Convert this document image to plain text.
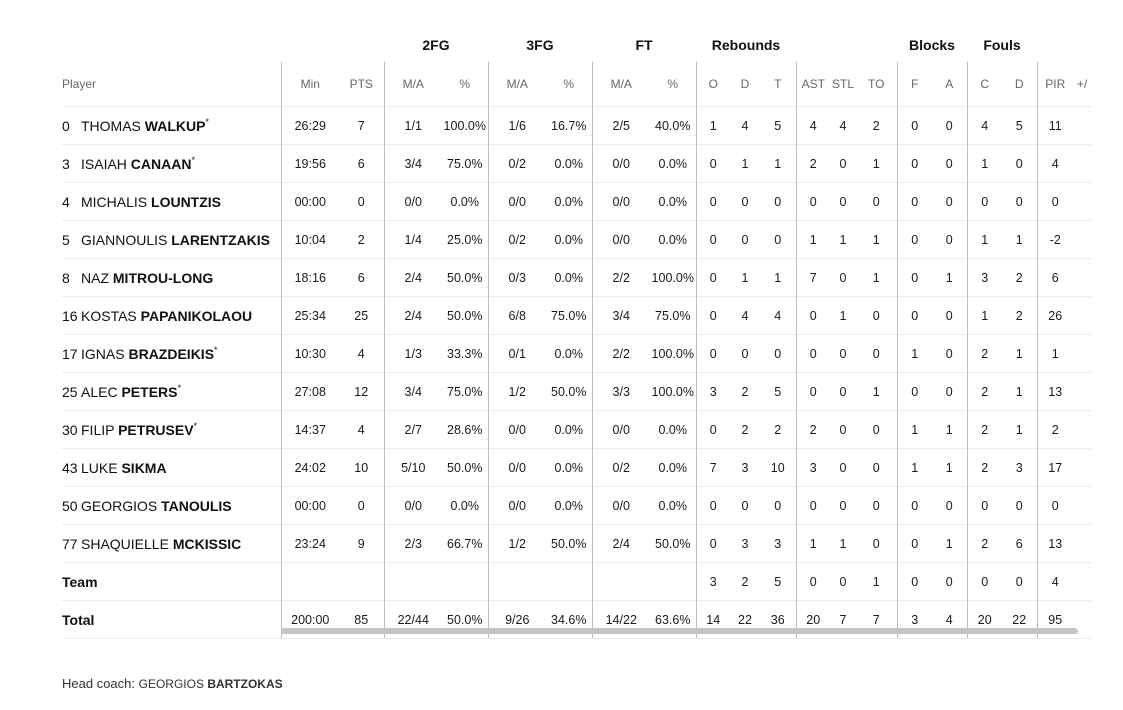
			2FG		3FG		FT		Rebounds						Blocks		Fouls			
Player	Min	PTS	M/A	%	M/A	%	M/A	%	O	D	T	AST	STL	TO	F	A	C	D	PIR	+/
0 THOMAS WALKUP*	26:29	7	1/1	100.0%	1/6	16.7%	2/5	40.0%	1	4	5	4	4	2	0	0	4	5	11	
3 ISAIAH CANAAN*	19:56	6	3/4	75.0%	0/2	0.0%	0/0	0.0%	0	1	1	2	0	1	0	0	1	0	4	
4 MICHALIS LOUNTZIS	00:00	0	0/0	0.0%	0/0	0.0%	0/0	0.0%	0	0	0	0	0	0	0	0	0	0	0	
5 GIANNOULIS LARENTZAKIS	10:04	2	1/4	25.0%	0/2	0.0%	0/0	0.0%	0	0	0	1	1	1	0	0	1	1	-2	
8 NAZ MITROU-LONG	18:16	6	2/4	50.0%	0/3	0.0%	2/2	100.0%	0	1	1	7	0	1	0	1	3	2	6	
16 KOSTAS PAPANIKOLAOU	25:34	25	2/4	50.0%	6/8	75.0%	3/4	75.0%	0	4	4	0	1	0	0	0	1	2	26	
17 IGNAS BRAZDEIKIS*	10:30	4	1/3	33.3%	0/1	0.0%	2/2	100.0%	0	0	0	0	0	0	1	0	2	1	1	
25 ALEC PETERS*	27:08	12	3/4	75.0%	1/2	50.0%	3/3	100.0%	3	2	5	0	0	1	0	0	2	1	13	
30 FILIP PETRUSEV*	14:37	4	2/7	28.6%	0/0	0.0%	0/0	0.0%	0	2	2	2	0	0	1	1	2	1	2	
43 LUKE SIKMA	24:02	10	5/10	50.0%	0/0	0.0%	0/2	0.0%	7	3	10	3	0	0	1	1	2	3	17	
50 GEORGIOS TANOULIS	00:00	0	0/0	0.0%	0/0	0.0%	0/0	0.0%	0	0	0	0	0	0	0	0	0	0	0	
77 SHAQUIELLE MCKISSIC	23:24	9	2/3	66.7%	1/2	50.0%	2/4	50.0%	0	3	3	1	1	0	0	1	2	6	13	
Team									3	2	5	0	0	1	0	0	0	0	4	
Total	200:00	85	22/44	50.0%	9/26	34.6%	14/22	63.6%	14	22	36	20	7	7	3	4	20	22	95	
Head coach: GEORGIOS BARTZOKAS
